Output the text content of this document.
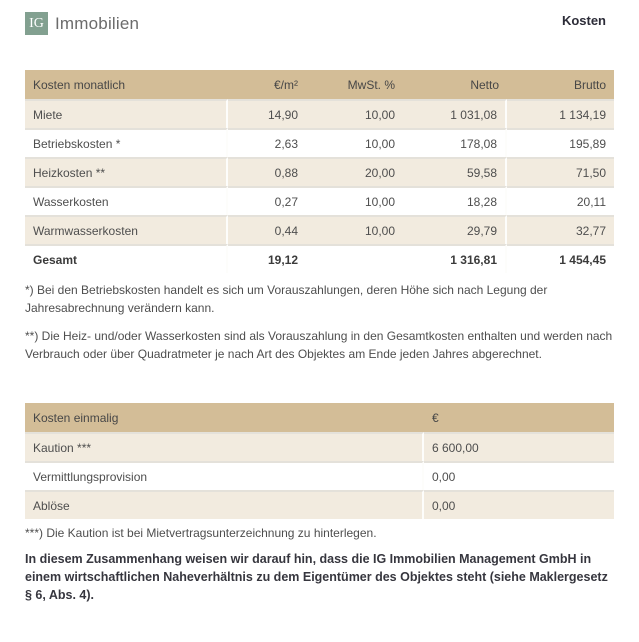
IG Immobilien	Kosten
Kosten monatlich	€/m²	MwSt. %	Netto	Brutto
Miete	14,90	10,00	1 031,08	1 134,19
Betriebskosten *	2,63	10,00	178,08	195,89
Heizkosten **	0,88	20,00	59,58	71,50
Wasserkosten	0,27	10,00	18,28	20,11
Warmwasserkosten	0,44	10,00	29,79	32,77
Gesamt	19,12		1 316,81	1 454,45

*) Bei den Betriebskosten handelt es sich um Vorauszahlungen, deren Höhe sich nach Legung der Jahresabrechnung verändern kann.

**) Die Heiz- und/oder Wasserkosten sind als Vorauszahlung in den Gesamtkosten enthalten und werden nach Verbrauch oder über Quadratmeter je nach Art des Objektes am Ende jeden Jahres abgerechnet.

Kosten einmalig	€
Kaution ***	6 600,00
Vermittlungsprovision	0,00
Ablöse	0,00

***) Die Kaution ist bei Mietvertragsunterzeichnung zu hinterlegen.

In diesem Zusammenhang weisen wir darauf hin, dass die IG Immobilien Management GmbH in einem wirtschaftlichen Naheverhältnis zu dem Eigentümer des Objektes steht (siehe Maklergesetz § 6, Abs. 4).
